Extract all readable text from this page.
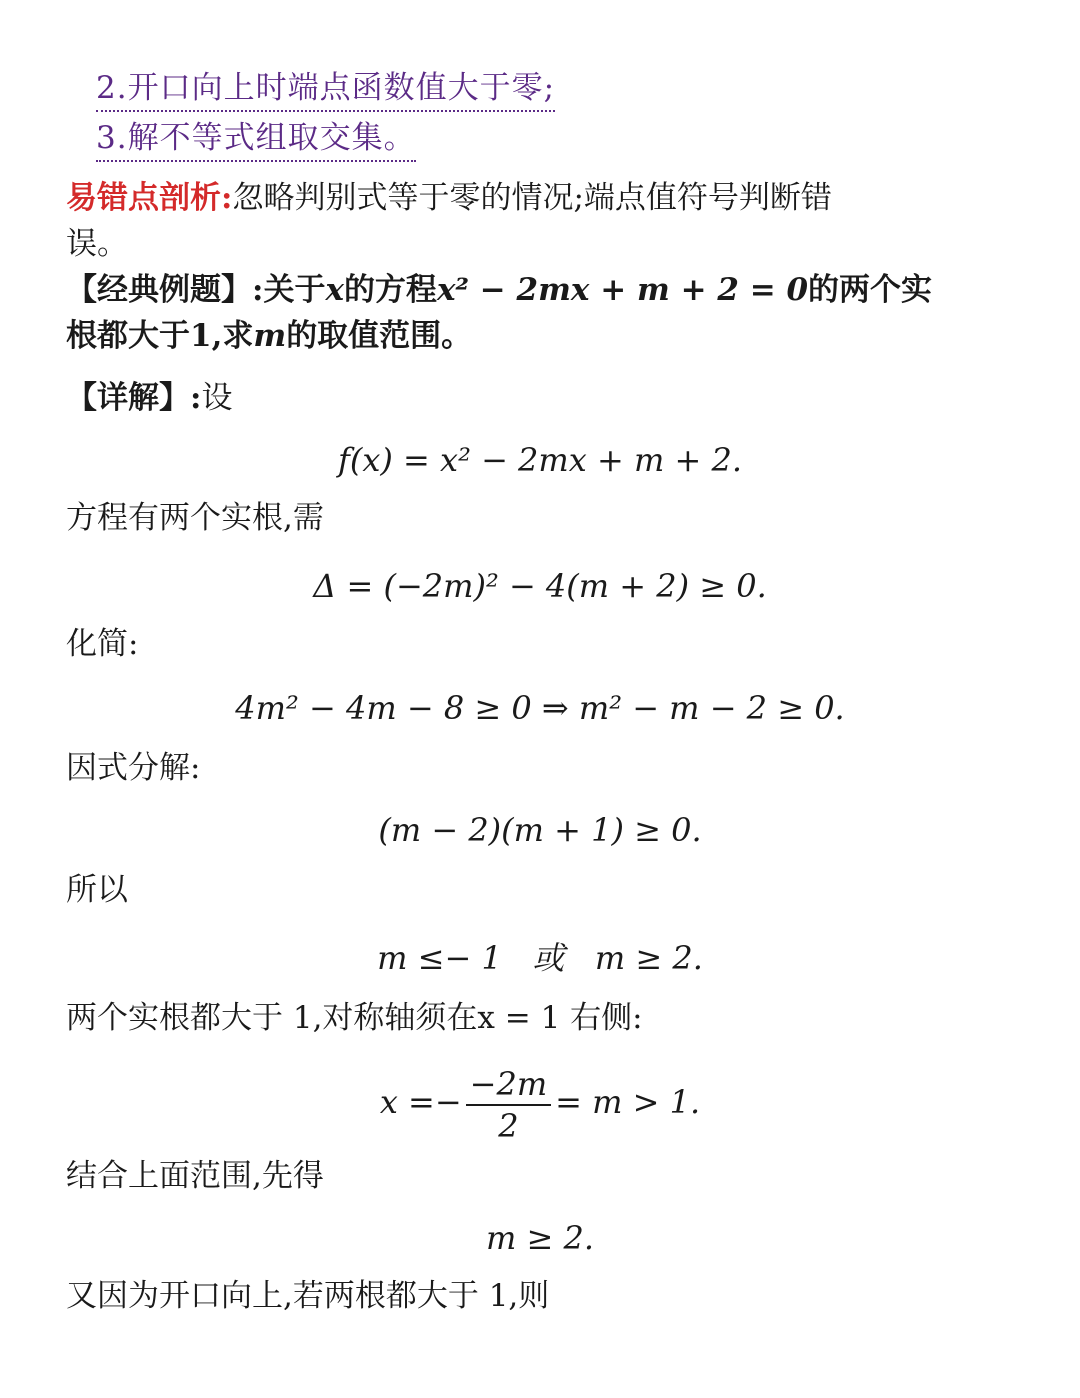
2.开口向上时端点函数值大于零;
3.解不等式组取交集。
易错点剖析:忽略判别式等于零的情况;端点值符号判断错
误。
【经典例题】:关于x的方程x² − 2mx + m + 2 = 0的两个实
根都大于1,求m的取值范围。
【详解】:设
f(x) = x² − 2mx + m + 2.
方程有两个实根,需
Δ = (−2m)² − 4(m + 2) ≥ 0.
化简:
4m² − 4m − 8 ≥ 0 ⇒ m² − m − 2 ≥ 0.
因式分解:
(m − 2)(m + 1) ≥ 0.
所以
m ≤− 1   或   m ≥ 2.
两个实根都大于 1,对称轴须在x = 1 右侧:
$x =- \frac{-2m}{2} = m > 1$.
结合上面范围,先得
m ≥ 2.
又因为开口向上,若两根都大于 1,则
